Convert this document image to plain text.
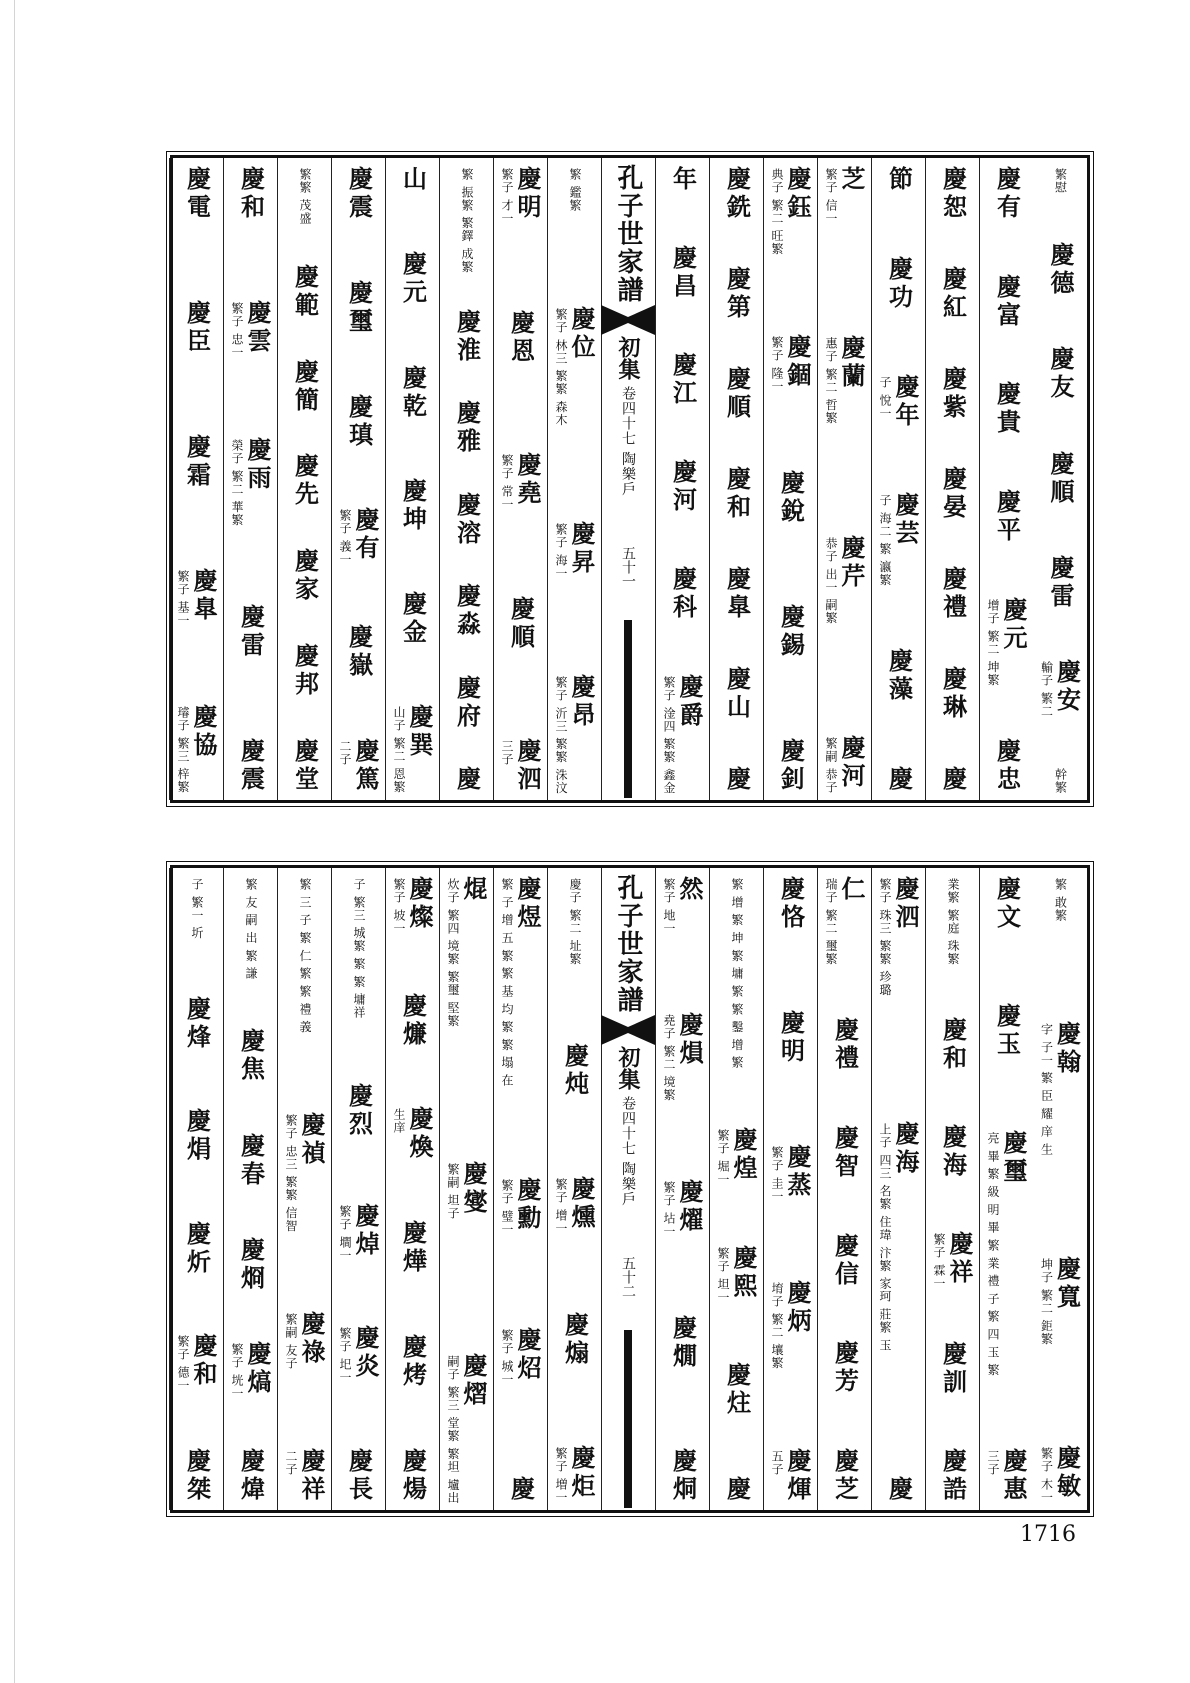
繁慰
慶德
慶友
慶順
慶雷
慶安
輸子 繁二
幹繁
慶有
慶富
慶貴
慶平
慶元
增子 繁二 坤繁
慶忠
慶恕
慶紅
慶紫
慶晏
慶禮
慶琳
慶
節
慶功
慶年
子 悅一
慶芸
子 海二 繁 瀛繁
慶藻
慶
芝
繁子 信一
慶蘭
惠子 繁二 哲繁
慶芹
恭子 出一 嗣繁
慶河
繁嗣 恭子
慶鈺
典子 繁二 旺繁
慶錮
繁子 隆一
慶銳
慶錫
慶釗
慶銑
慶第
慶順
慶和
慶臯
慶山
慶
年
慶昌
慶江
慶河
慶科
慶爵
繁子 淦四 繁繁 鑫金
孔子世家譜
初集
卷四十七 陶樂戶
五十一
繁 鑑繁
慶位
繁子 林三 繁繁 森木
慶昇
繁子 海一
慶昂
繁子 沂三 繁繁 洙汶
慶明
繁子 才一
慶恩
慶堯
繁子 常一
慶順
慶泗
三子
繁 振繁 繁鐸 成繁
慶淮
慶雅
慶溶
慶淼
慶府
慶
山
慶元
慶乾
慶坤
慶金
慶巽
山子 繁二 恩繁
慶震
慶璽
慶瑱
慶有
繁子 義一
慶嶽
慶篤
二子
繁繁 茂盛
慶範
慶簡
慶先
慶家
慶邦
慶堂
慶和
慶雲
繁子 忠一
慶雨
榮子 繁二 華繁
慶雷
慶震
慶電
慶臣
慶霜
慶臯
繁子 基一
慶協
璿子 繁三 梓繁
繁 敢繁
慶翰
字 子一 繁 臣 耀 庠 生
慶寬
坤子 繁二 鉅繁
慶敏
繁子 木一
慶文
慶玉
慶璽
亮 畢 繁 級 明 畢 繁 業 禮 子 繁 四 玉 繁
慶惠
三子
業繁 繁庭 珠繁
慶和
慶海
慶祥
繁子 霖一
慶訓
慶誥
慶泗
繁子 珠三 繁繁 珍璐
慶海
上子 四三 名繁 住瑋 汴繁 家珂 莊繁 玉
慶
仁
瑞子 繁二 璽繁
慶禮
慶智
慶信
慶芳
慶芝
慶恪
慶明
慶蒸
繁子 圭一
慶炳
堉子 繁二 壤繁
慶煇
五子
繁 增 繁 坤 繁 墉 繁 繁 鑿 增 繁
慶煌
繁子 堀一
慶熙
繁子 坦一
慶炷
慶
然
繁子 地一
慶熉
堯子 繁二 境繁
慶燿
繁子 坫一
慶燗
慶烔
孔子世家譜
初集
卷四十七 陶樂戶
五十二
慶子 繁二 址繁
慶炖
慶燻
繁子 增一
慶煽
慶炬
繁子 増一
慶煜
繁 子 增 五 繁 繁 基 均 繁 繁 塌 在
慶勳
繁子 璧一
慶炤
繁子 城一
慶
焜
炊子 繁四 境繁 繁璽 堅繁
慶燮
繁嗣 坦子
慶熠
嗣子 繁三 堂繁 繁坦 壚出
慶燦
繁子 坡一
慶燫
慶煥
生庠
慶燁
慶烤
慶煬
子 繁三 城繁 繁 繁 墉祥
慶烈
慶焯
繁子 墹一
慶炎
繁子 圯一
慶長
繁 三 子 繁 仁 繁 繁 禮 義
慶禎
繁子 忠三 繁繁 信智
慶祿
繁嗣 友子
慶祥
二子
繁 友 嗣 出 繁 謙
慶焦
慶春
慶烱
慶熇
繁子 垙一
慶煒
子 繁一 圻
慶烽
慶焆
慶炘
慶和
繁子 德一
慶桀
1716
